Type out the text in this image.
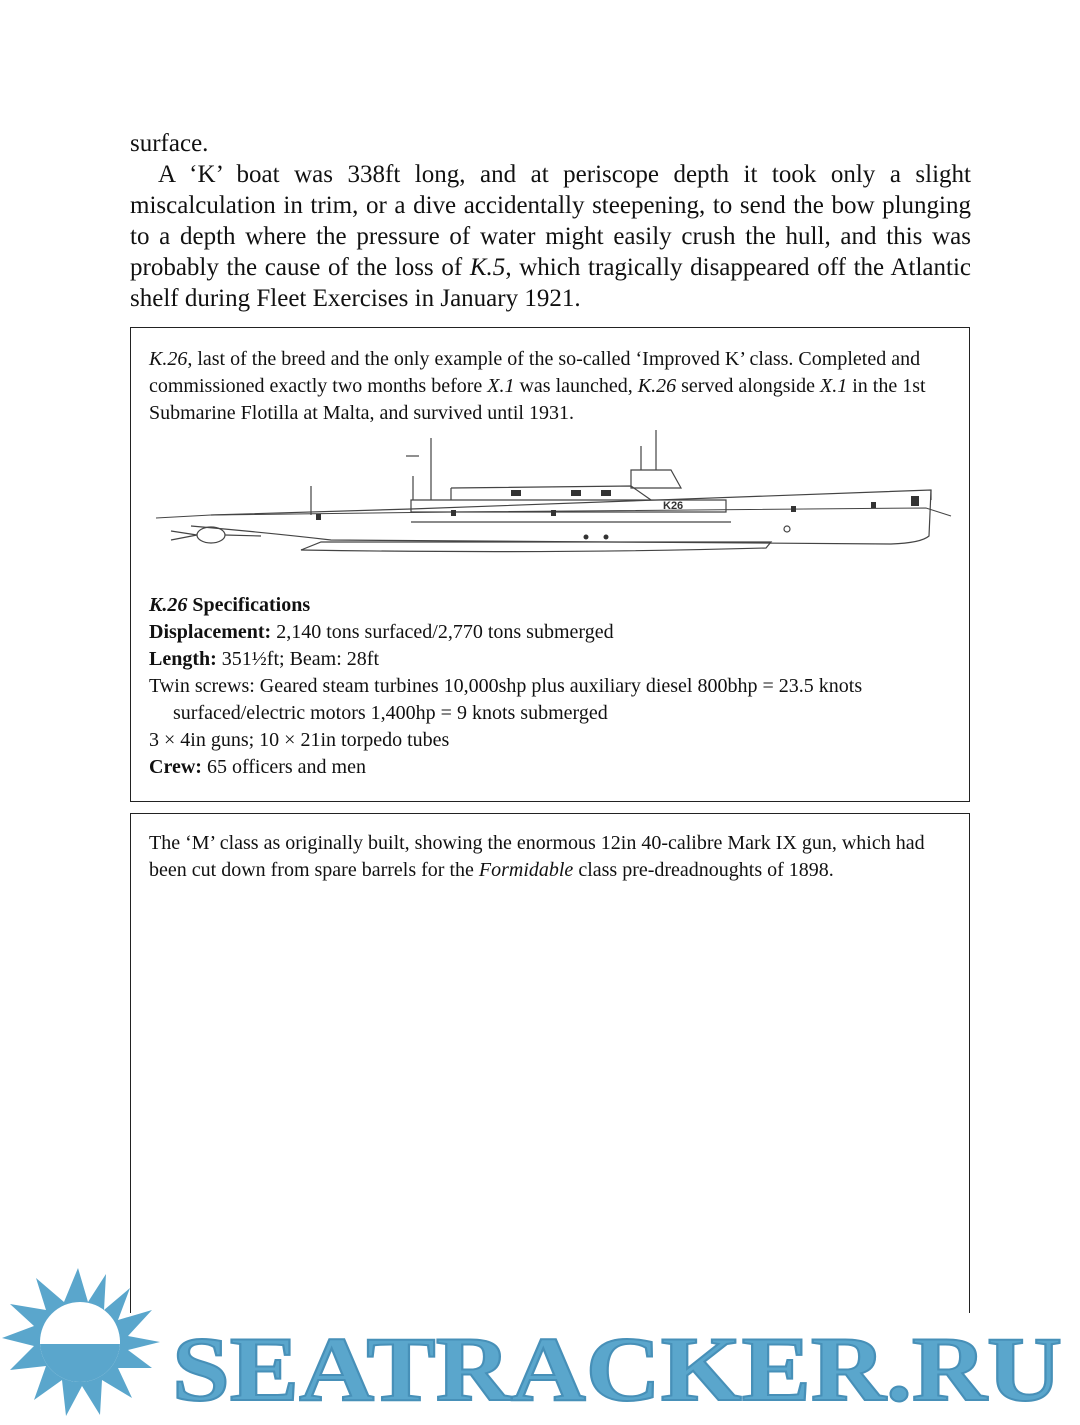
surface.

A ‘K’ boat was 338ft long, and at periscope depth it took only a slight miscalculation in trim, or a dive accidentally steepening, to send the bow plunging to a depth where the pressure of water might easily crush the hull, and this was probably the cause of the loss of K.5, which tragically disappeared off the Atlantic shelf during Fleet Exercises in January 1921.

K.26, last of the breed and the only example of the so-called ‘Improved K’ class. Completed and commissioned exactly two months before X.1 was launched, K.26 served alongside X.1 in the 1st Submarine Flotilla at Malta, and survived until 1931.
K26
K.26 Specifications
Displacement: 2,140 tons surfaced/2,770 tons submerged
Length: 351½ft; Beam: 28ft
Twin screws: Geared steam turbines 10,000shp plus auxiliary diesel 800bhp = 23.5 knots surfaced/electric motors 1,400hp = 9 knots submerged
3 × 4in guns; 10 × 21in torpedo tubes
Crew: 65 officers and men
The ‘M’ class as originally built, showing the enormous 12in 40-calibre Mark IX gun, which had been cut down from spare barrels for the Formidable class pre-dreadnoughts of 1898.
SEATRACKER.RU
